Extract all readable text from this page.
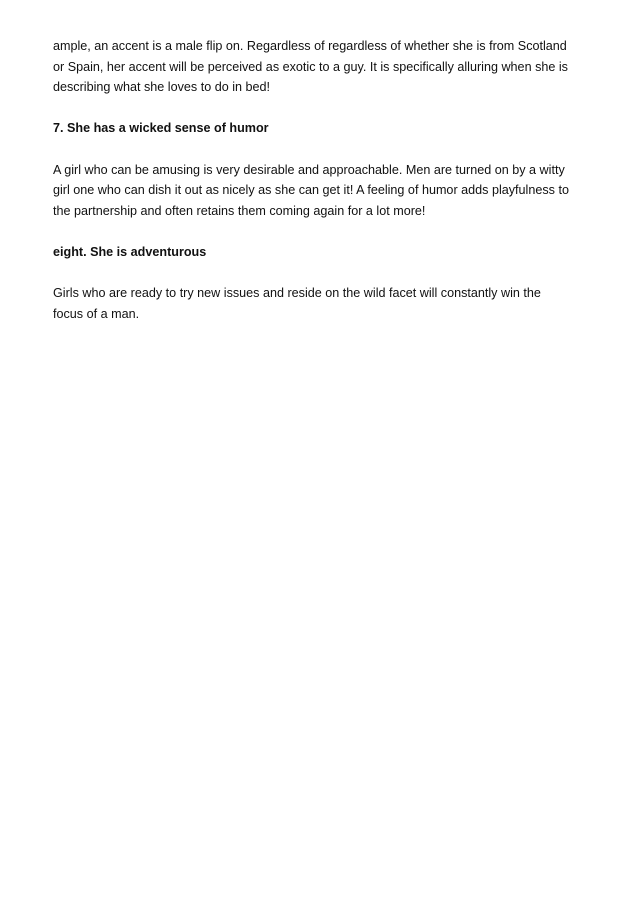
ample, an accent is a male flip on. Regardless of regardless of whether she is from Scotland
or Spain, her accent will be perceived as exotic to a guy. It is specifically alluring when she is
describing what she loves to do in bed!
7. She has a wicked sense of humor
A girl who can be amusing is very desirable and approachable. Men are turned on by a witty
girl one who can dish it out as nicely as she can get it! A feeling of humor adds playfulness to
the partnership and often retains them coming again for a lot more!
eight. She is adventurous
Girls who are ready to try new issues and reside on the wild facet will constantly win the
focus of a man.
